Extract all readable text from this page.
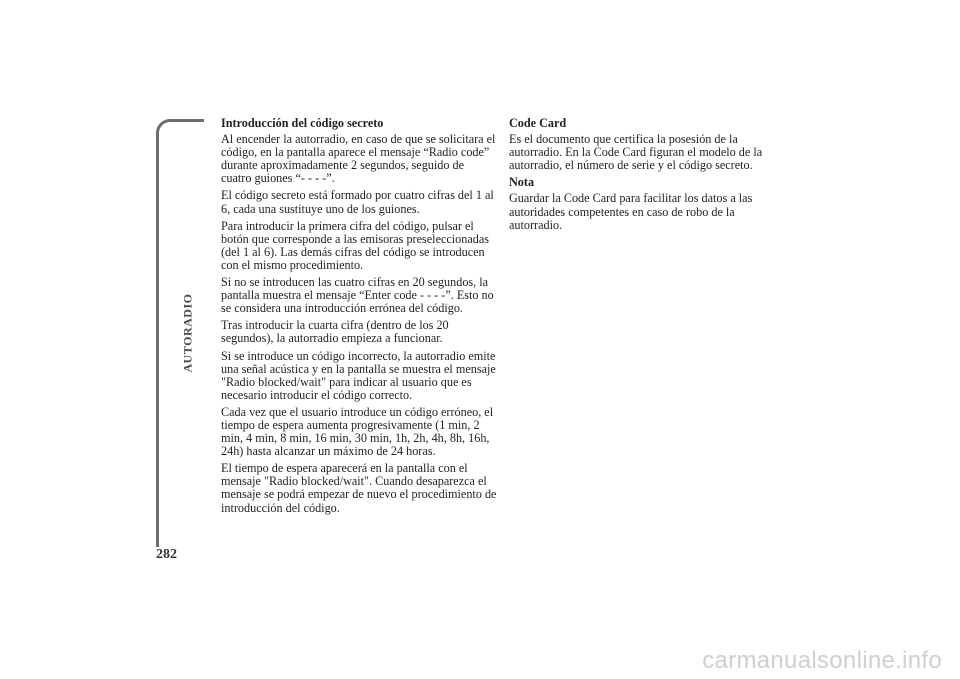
AUTORADIO
282
Introducción del código secreto

Al encender la autorradio, en caso de que se solicitara el código, en la pantalla aparece el mensaje “Radio code” durante aproximadamente 2 segundos, seguido de cuatro guiones “- - - -”.

El código secreto está formado por cuatro cifras del 1 al 6, cada una sustituye uno de los guiones.

Para introducir la primera cifra del código, pulsar el botón que corresponde a las emisoras preseleccionadas (del 1 al 6). Las demás cifras del código se introducen con el mismo procedimiento.

Si no se introducen las cuatro cifras en 20 segundos, la pantalla muestra el mensaje “Enter code - - - -”. Esto no se considera una introducción errónea del código.

Tras introducir la cuarta cifra (dentro de los 20 segundos), la autorradio empieza a funcionar.

Si se introduce un código incorrecto, la autorradio emite una señal acústica y en la pantalla se muestra el mensaje "Radio blocked/wait" para indicar al usuario que es necesario introducir el código correcto.

Cada vez que el usuario introduce un código erróneo, el tiempo de espera aumenta progresivamente (1 min, 2 min, 4 min, 8 min, 16 min, 30 min, 1h, 2h, 4h, 8h, 16h, 24h) hasta alcanzar un máximo de 24 horas.

El tiempo de espera aparecerá en la pantalla con el mensaje "Radio blocked/wait". Cuando desaparezca el mensaje se podrá empezar de nuevo el procedimiento de introducción del código.

Code Card

Es el documento que certifica la posesión de la autorradio. En la Code Card figuran el modelo de la autorradio, el número de serie y el código secreto.

Nota

Guardar la Code Card para facilitar los datos a las autoridades competentes en caso de robo de la autorradio.

carmanualsonline.info
